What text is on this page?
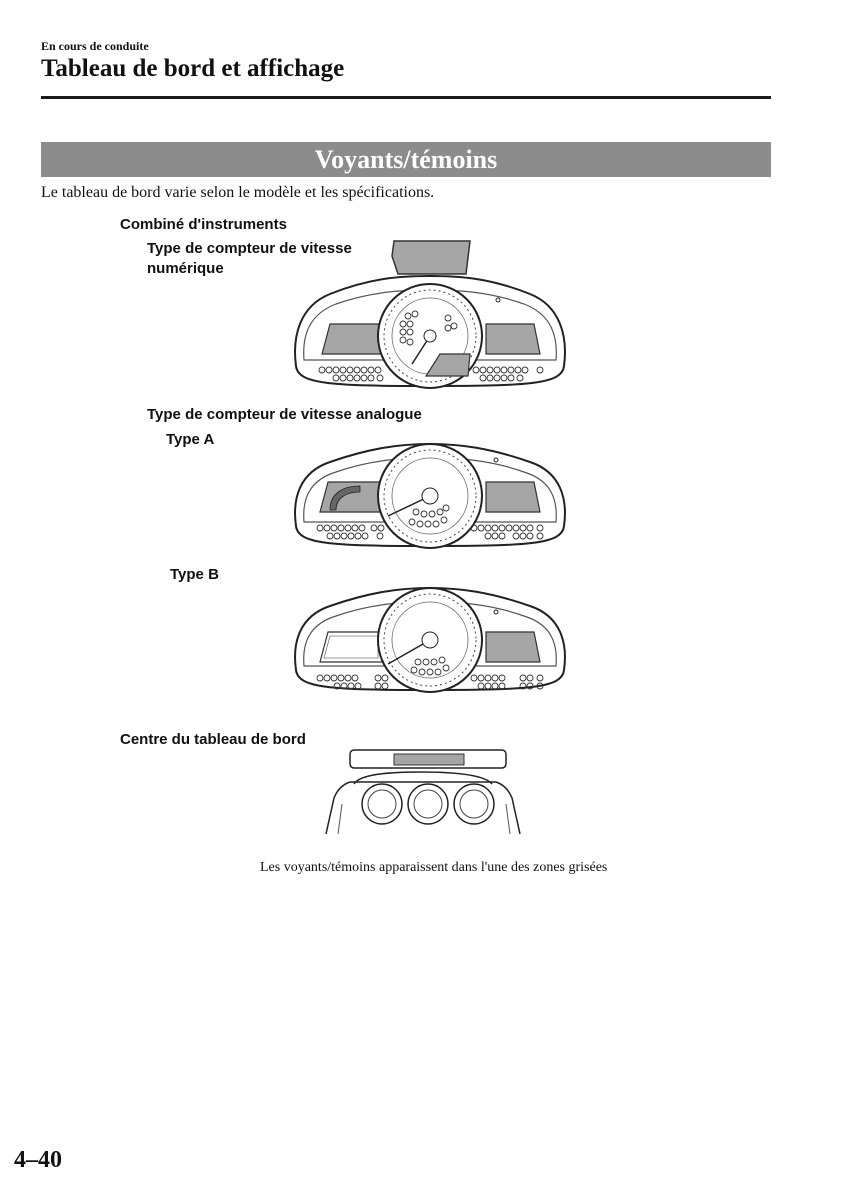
En cours de conduite
Tableau de bord et affichage
Voyants/témoins
Le tableau de bord varie selon le modèle et les spécifications.
Combiné d'instruments
Type de compteur de vitesse
numérique
Type de compteur de vitesse analogue
Type A
Type B
Centre du tableau de bord
Les voyants/témoins apparaissent dans l'une des zones grisées
4–40
